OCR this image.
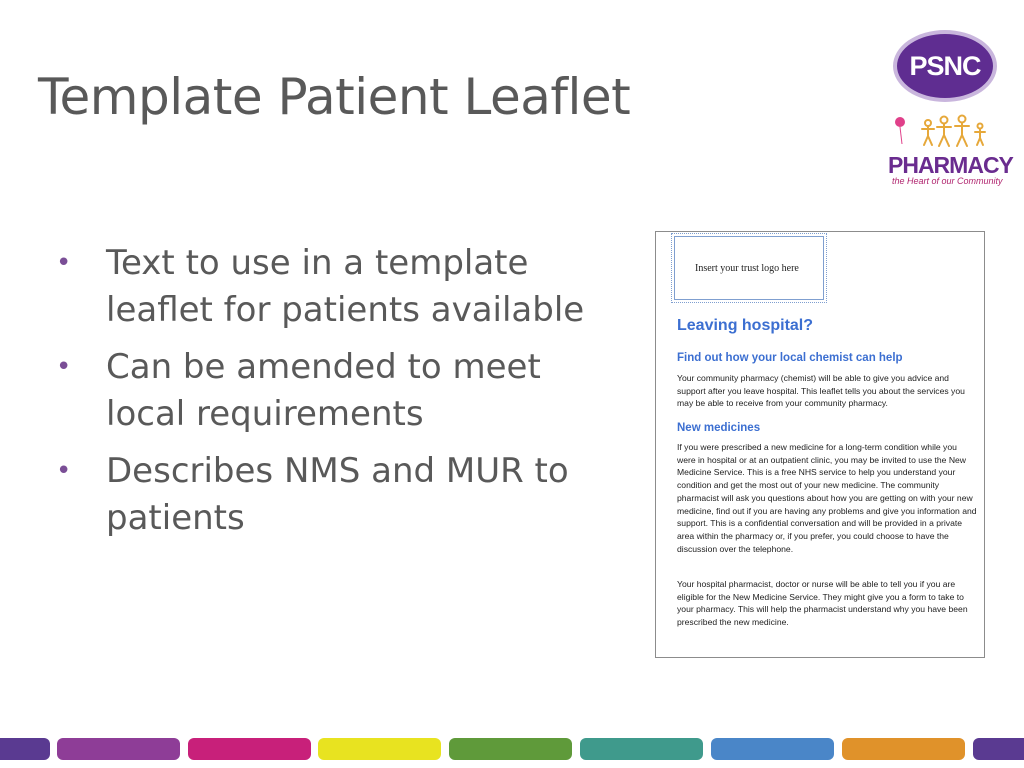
Template Patient Leaflet
• Text to use in a template leaflet for patients available
• Can be amended to meet local requirements
• Describes NMS and MUR to patients
PSNC
PHARMACY
the Heart of our Community
Insert your trust logo here
Leaving hospital?
Find out how your local chemist can help

Your community pharmacy (chemist) will be able to give you advice and support after you leave hospital. This leaflet tells you about the services you may be able to receive from your community pharmacy.

New medicines

If you were prescribed a new medicine for a long-term condition while you were in hospital or at an outpatient clinic, you may be invited to use the New Medicine Service. This is a free NHS service to help you understand your condition and get the most out of your new medicine. The community pharmacist will ask you questions about how you are getting on with your new medicine, find out if you are having any problems and give you information and support. This is a confidential conversation and will be provided in a private area within the pharmacy or, if you prefer, you could choose to have the discussion over the telephone.

Your hospital pharmacist, doctor or nurse will be able to tell you if you are eligible for the New Medicine Service. They might give you a form to take to your pharmacy. This will help the pharmacist understand why you have been prescribed the new medicine.
